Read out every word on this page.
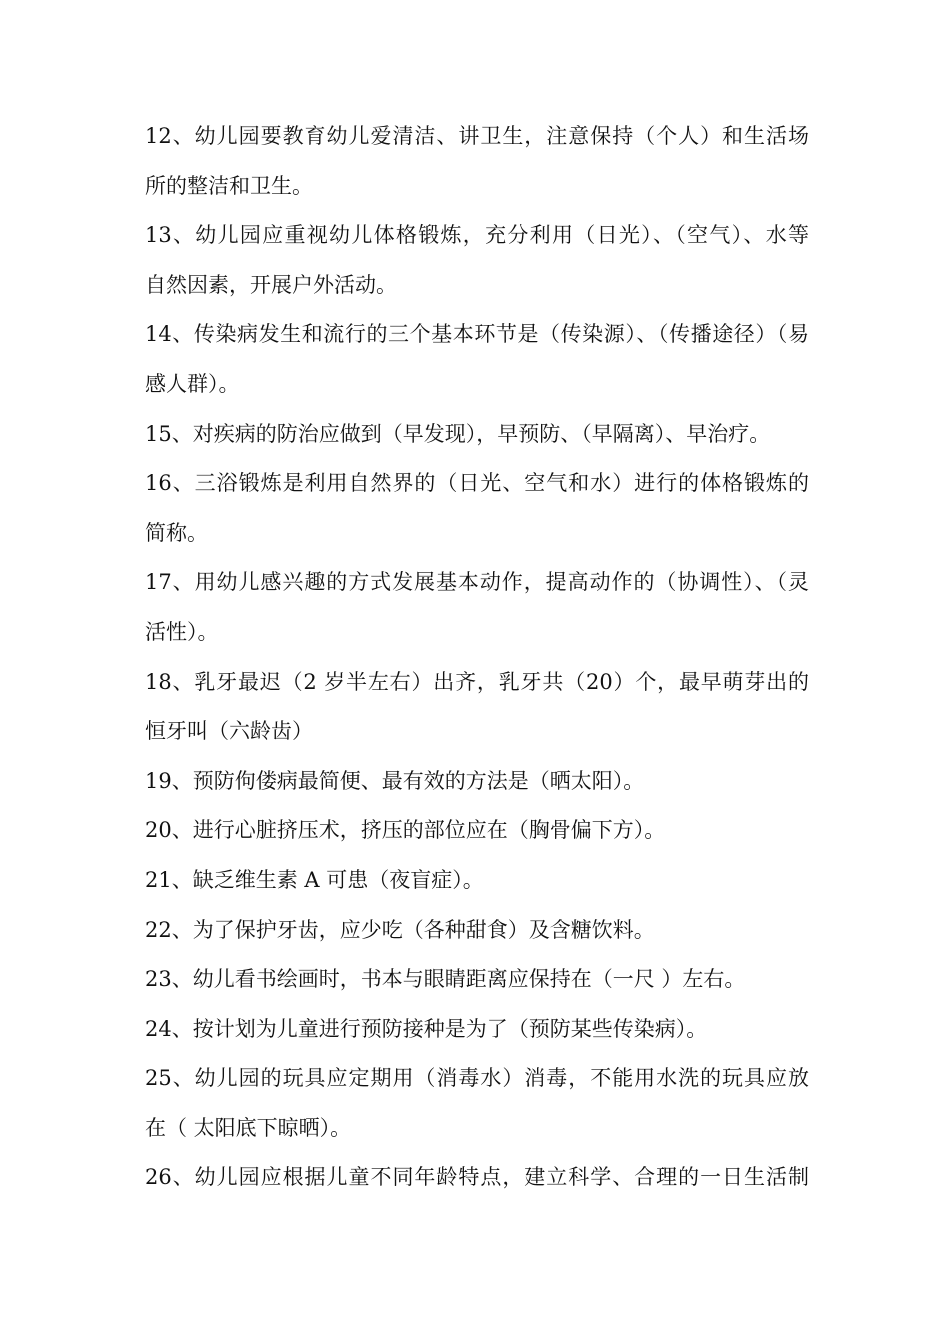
12、幼儿园要教育幼儿爱清洁、讲卫生，注意保持（个人）和生活场
所的整洁和卫生。
13、幼儿园应重视幼儿体格锻炼，充分利用（日光）、（空气）、水等
自然因素，开展户外活动。
14、传染病发生和流行的三个基本环节是（传染源）、（传播途径）（易
感人群）。
15、对疾病的防治应做到（早发现），早预防、（早隔离）、早治疗。
16、三浴锻炼是利用自然界的（日光、空气和水）进行的体格锻炼的
简称。
17、用幼儿感兴趣的方式发展基本动作，提高动作的（协调性）、（灵
活性）。
18、乳牙最迟（2 岁半左右）出齐，乳牙共（20）个，最早萌芽出的
恒牙叫（六龄齿）
19、预防佝偻病最简便、最有效的方法是（晒太阳）。
20、进行心脏挤压术，挤压的部位应在（胸骨偏下方）。
21、缺乏维生素 A 可患（夜盲症）。
22、为了保护牙齿，应少吃（各种甜食）及含糖饮料。
23、幼儿看书绘画时，书本与眼睛距离应保持在（一尺 ）左右。
24、按计划为儿童进行预防接种是为了（预防某些传染病）。
25、幼儿园的玩具应定期用（消毒水）消毒，不能用水洗的玩具应放
在（ 太阳底下晾晒）。
26、幼儿园应根据儿童不同年龄特点，建立科学、合理的一日生活制
